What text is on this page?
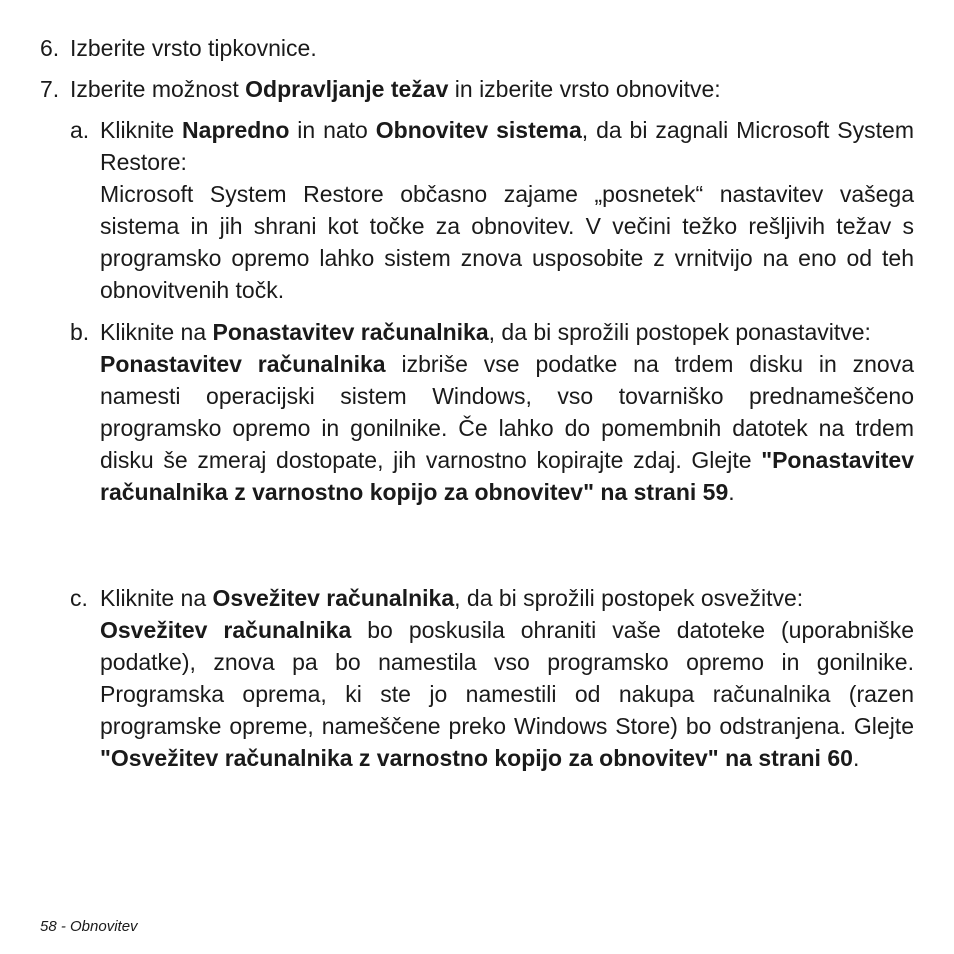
6. Izberite vrsto tipkovnice.
7. Izberite možnost Odpravljanje težav in izberite vrsto obnovitve:
a. Kliknite Napredno in nato Obnovitev sistema, da bi zagnali Microsoft System Restore:

Microsoft System Restore občasno zajame „posnetek“ nastavitev vašega sistema in jih shrani kot točke za obnovitev. V večini težko rešljivih težav s programsko opremo lahko sistem znova usposobite z vrnitvijo na eno od teh obnovitvenih točk.

b. Kliknite na Ponastavitev računalnika, da bi sprožili postopek ponastavitve:

Ponastavitev računalnika izbriše vse podatke na trdem disku in znova namesti operacijski sistem Windows, vso tovarniško prednameščeno programsko opremo in gonilnike. Če lahko do pomembnih datotek na trdem disku še zmeraj dostopate, jih varnostno kopirajte zdaj. Glejte "Ponastavitev računalnika z varnostno kopijo za obnovitev" na strani 59.

c. Kliknite na Osvežitev računalnika, da bi sprožili postopek osvežitve:

Osvežitev računalnika bo poskusila ohraniti vaše datoteke (uporabniške podatke), znova pa bo namestila vso programsko opremo in gonilnike. Programska oprema, ki ste jo namestili od nakupa računalnika (razen programske opreme, nameščene preko Windows Store) bo odstranjena. Glejte "Osvežitev računalnika z varnostno kopijo za obnovitev" na strani 60.

58 - Obnovitev
